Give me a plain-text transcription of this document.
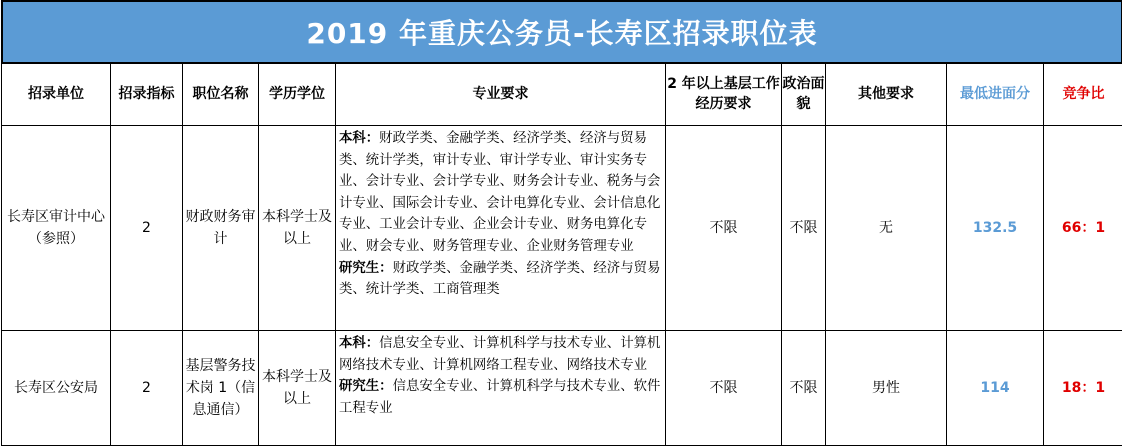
2019 年重庆公务员-长寿区招录职位表
招录单位	招录指标	职位名称	学历学位	专业要求	2 年以上基层工作经历要求	政治面貌	其他要求	最低进面分	竞争比
长寿区审计中心（参照）	2	财政财务审计	本科学士及以上	本科：财政学类、金融学类、经济学类、经济与贸易类、统计学类，审计专业、审计学专业、审计实务专业、会计专业、会计学专业、财务会计专业、税务与会计专业、国际会计专业、会计电算化专业、会计信息化专业、工业会计专业、企业会计专业、财务电算化专业、财会专业、财务管理专业、企业财务管理专业
研究生：财政学类、金融学类、经济学类、经济与贸易类、统计学类、工商管理类	不限	不限	无	132.5	66：1
长寿区公安局	2	基层警务技术岗 1（信息通信）	本科学士及以上	本科：信息安全专业、计算机科学与技术专业、计算机网络技术专业、计算机网络工程专业、网络技术专业
研究生：信息安全专业、计算机科学与技术专业、软件工程专业	不限	不限	男性	114	18：1
